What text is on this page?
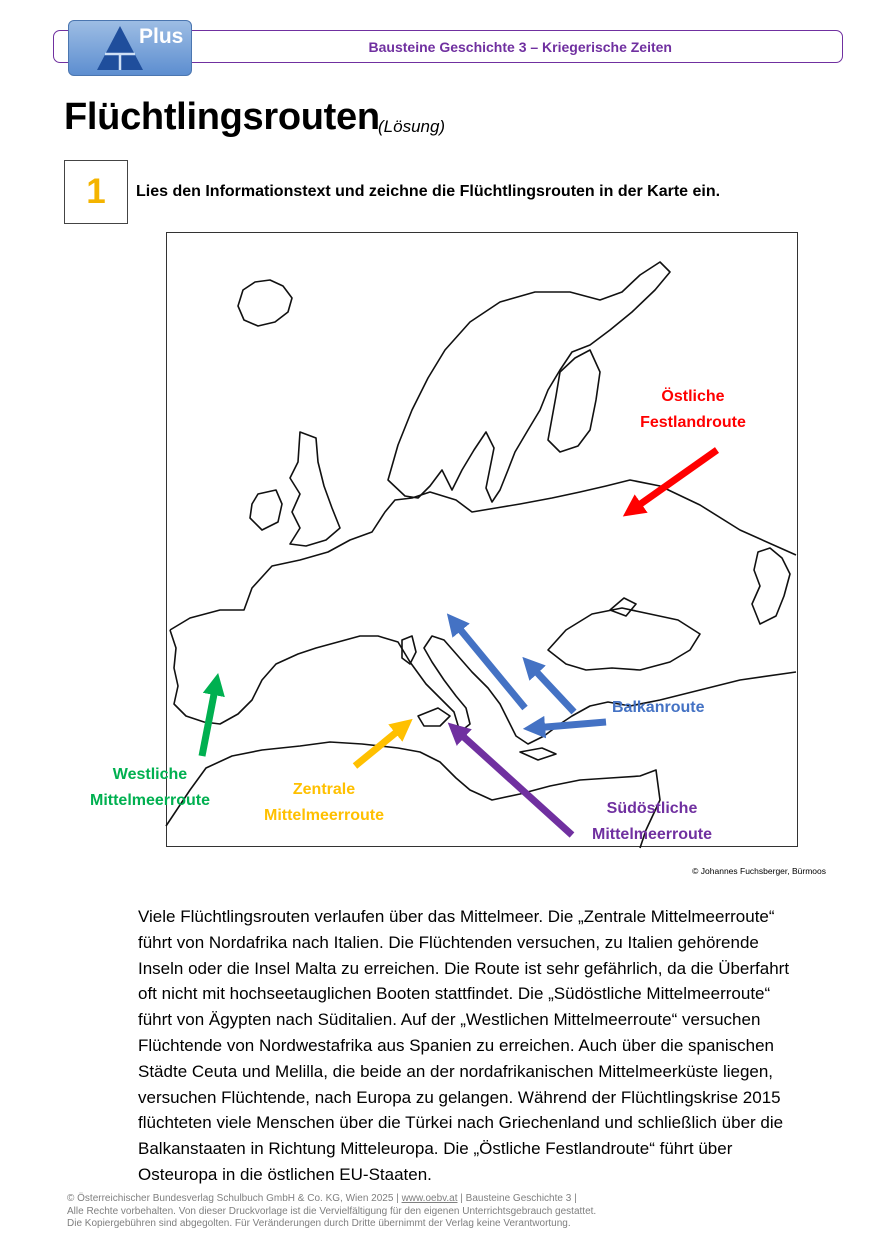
Bausteine Geschichte 3 – Kriegerische Zeiten
Plus
Flüchtlingsrouten
(Lösung)
1 Lies den Informationstext und zeichne die Flüchtlingsrouten in der Karte ein.
Östliche
Festlandroute
Balkanroute
Südöstliche
Mittelmeerroute
Zentrale
Mittelmeerroute
Westliche
Mittelmeerroute
© Johannes Fuchsberger, Bürmoos
Viele Flüchtlingsrouten verlaufen über das Mittelmeer. Die „Zentrale Mittelmeerroute“
führt von Nordafrika nach Italien. Die Flüchtenden versuchen, zu Italien gehörende
Inseln oder die Insel Malta zu erreichen. Die Route ist sehr gefährlich, da die Überfahrt
oft nicht mit hochseetauglichen Booten stattfindet. Die „Südöstliche Mittelmeerroute“
führt von Ägypten nach Süditalien. Auf der „Westlichen Mittelmeerroute“ versuchen
Flüchtende von Nordwestafrika aus Spanien zu erreichen. Auch über die spanischen
Städte Ceuta und Melilla, die beide an der nordafrikanischen Mittelmeerküste liegen,
versuchen Flüchtende, nach Europa zu gelangen. Während der Flüchtlingskrise 2015
flüchteten viele Menschen über die Türkei nach Griechenland und schließlich über die
Balkanstaaten in Richtung Mitteleuropa. Die „Östliche Festlandroute“ führt über
Osteuropa in die östlichen EU-Staaten.
© Österreichischer Bundesverlag Schulbuch GmbH & Co. KG, Wien 2025 | www.oebv.at | Bausteine Geschichte 3 |
Alle Rechte vorbehalten. Von dieser Druckvorlage ist die Vervielfältigung für den eigenen Unterrichtsgebrauch gestattet.
Die Kopiergebühren sind abgegolten. Für Veränderungen durch Dritte übernimmt der Verlag keine Verantwortung.
